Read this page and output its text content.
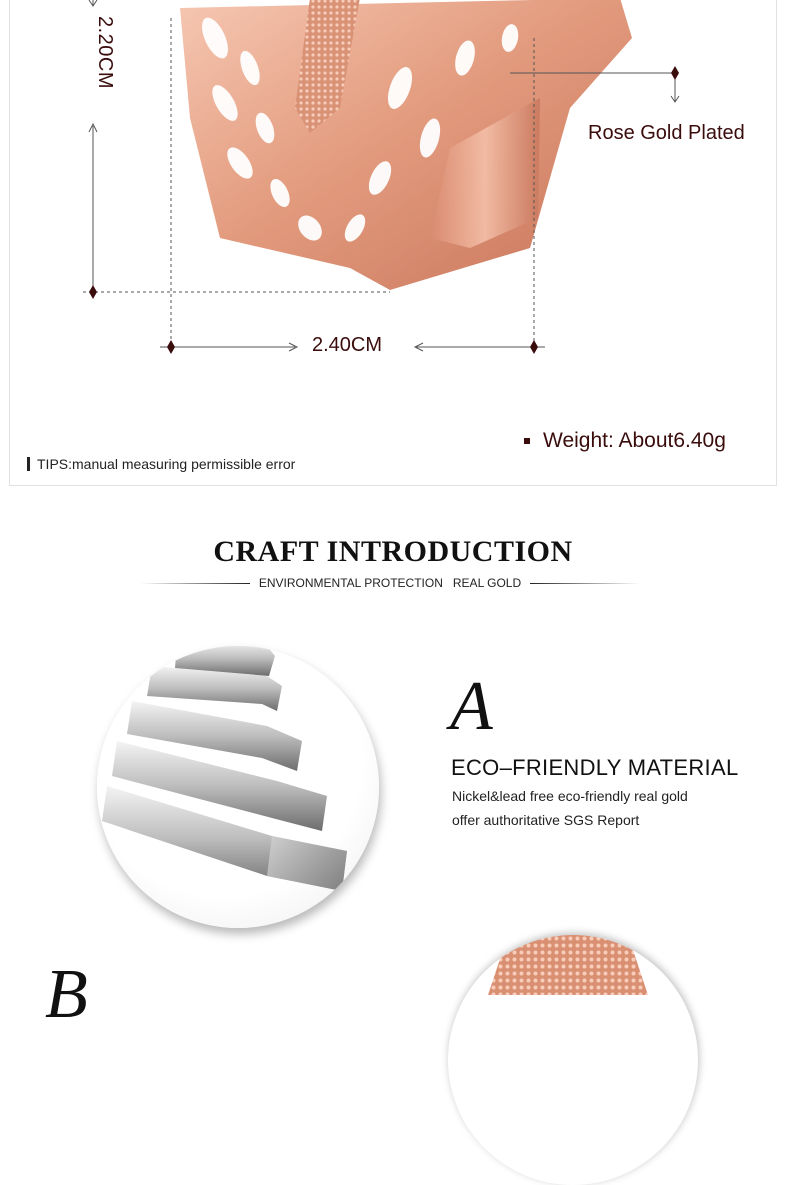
2.20CM
2.40CM
Rose Gold Plated
Weight: About6.40g
TIPS:manual measuring permissible error
CRAFT INTRODUCTION
ENVIRONMENTAL PROTECTION REAL GOLD
A
ECO–FRIENDLY MATERIAL
Nickel&lead free eco-friendly real gold
offer authoritative SGS Report
B
